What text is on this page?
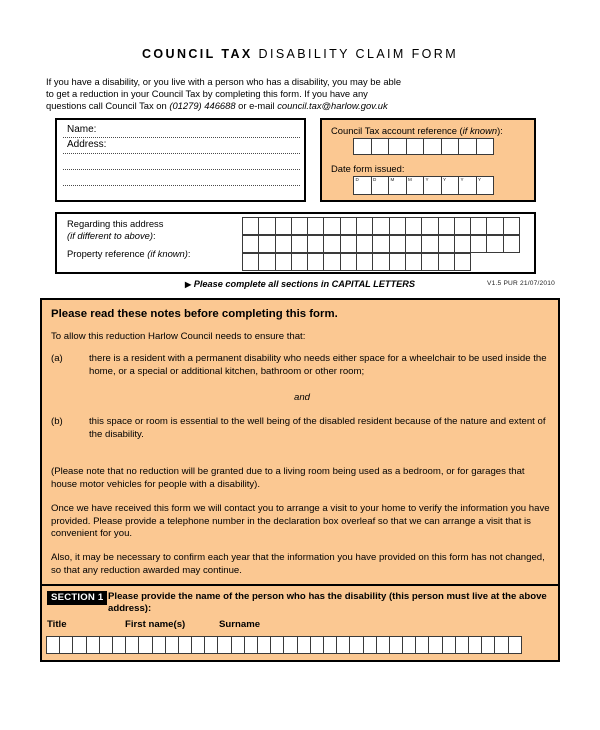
COUNCIL TAX DISABILITY CLAIM FORM
If you have a disability, or you live with a person who has a disability, you may be able
to get a reduction in your Council Tax by completing this form. If you have any
questions call Council Tax on (01279) 446688 or e-mail council.tax@harlow.gov.uk
Name:
Address:
Council Tax account reference (if known):
Date form issued:
D	D	M	M	Y	Y	Y	Y
Regarding this address
(if different to above):
Property reference (if known):
▶ Please complete all sections in CAPITAL LETTERS	V1.5 PUR 21/07/2010
Please read these notes before completing this form.
To allow this reduction Harlow Council needs to ensure that:
(a)	there is a resident with a permanent disability who needs either space for a wheelchair to be used inside the home, or a special or additional kitchen, bathroom or other room;
and
(b)	this space or room is essential to the well being of the disabled resident because of the nature and extent of the disability.
(Please note that no reduction will be granted due to a living room being used as a bedroom, or for garages that house motor vehicles for people with a disability).
Once we have received this form we will contact you to arrange a visit to your home to verify the information you have provided. Please provide a telephone number in the declaration box overleaf so that we can arrange a visit that is convenient for you.
Also, it may be necessary to confirm each year that the information you have provided on this form has not changed, so that any reduction awarded may continue.
SECTION 1 Please provide the name of the person who has the disability (this person must live at the above address):
Title	First name(s)	Surname
